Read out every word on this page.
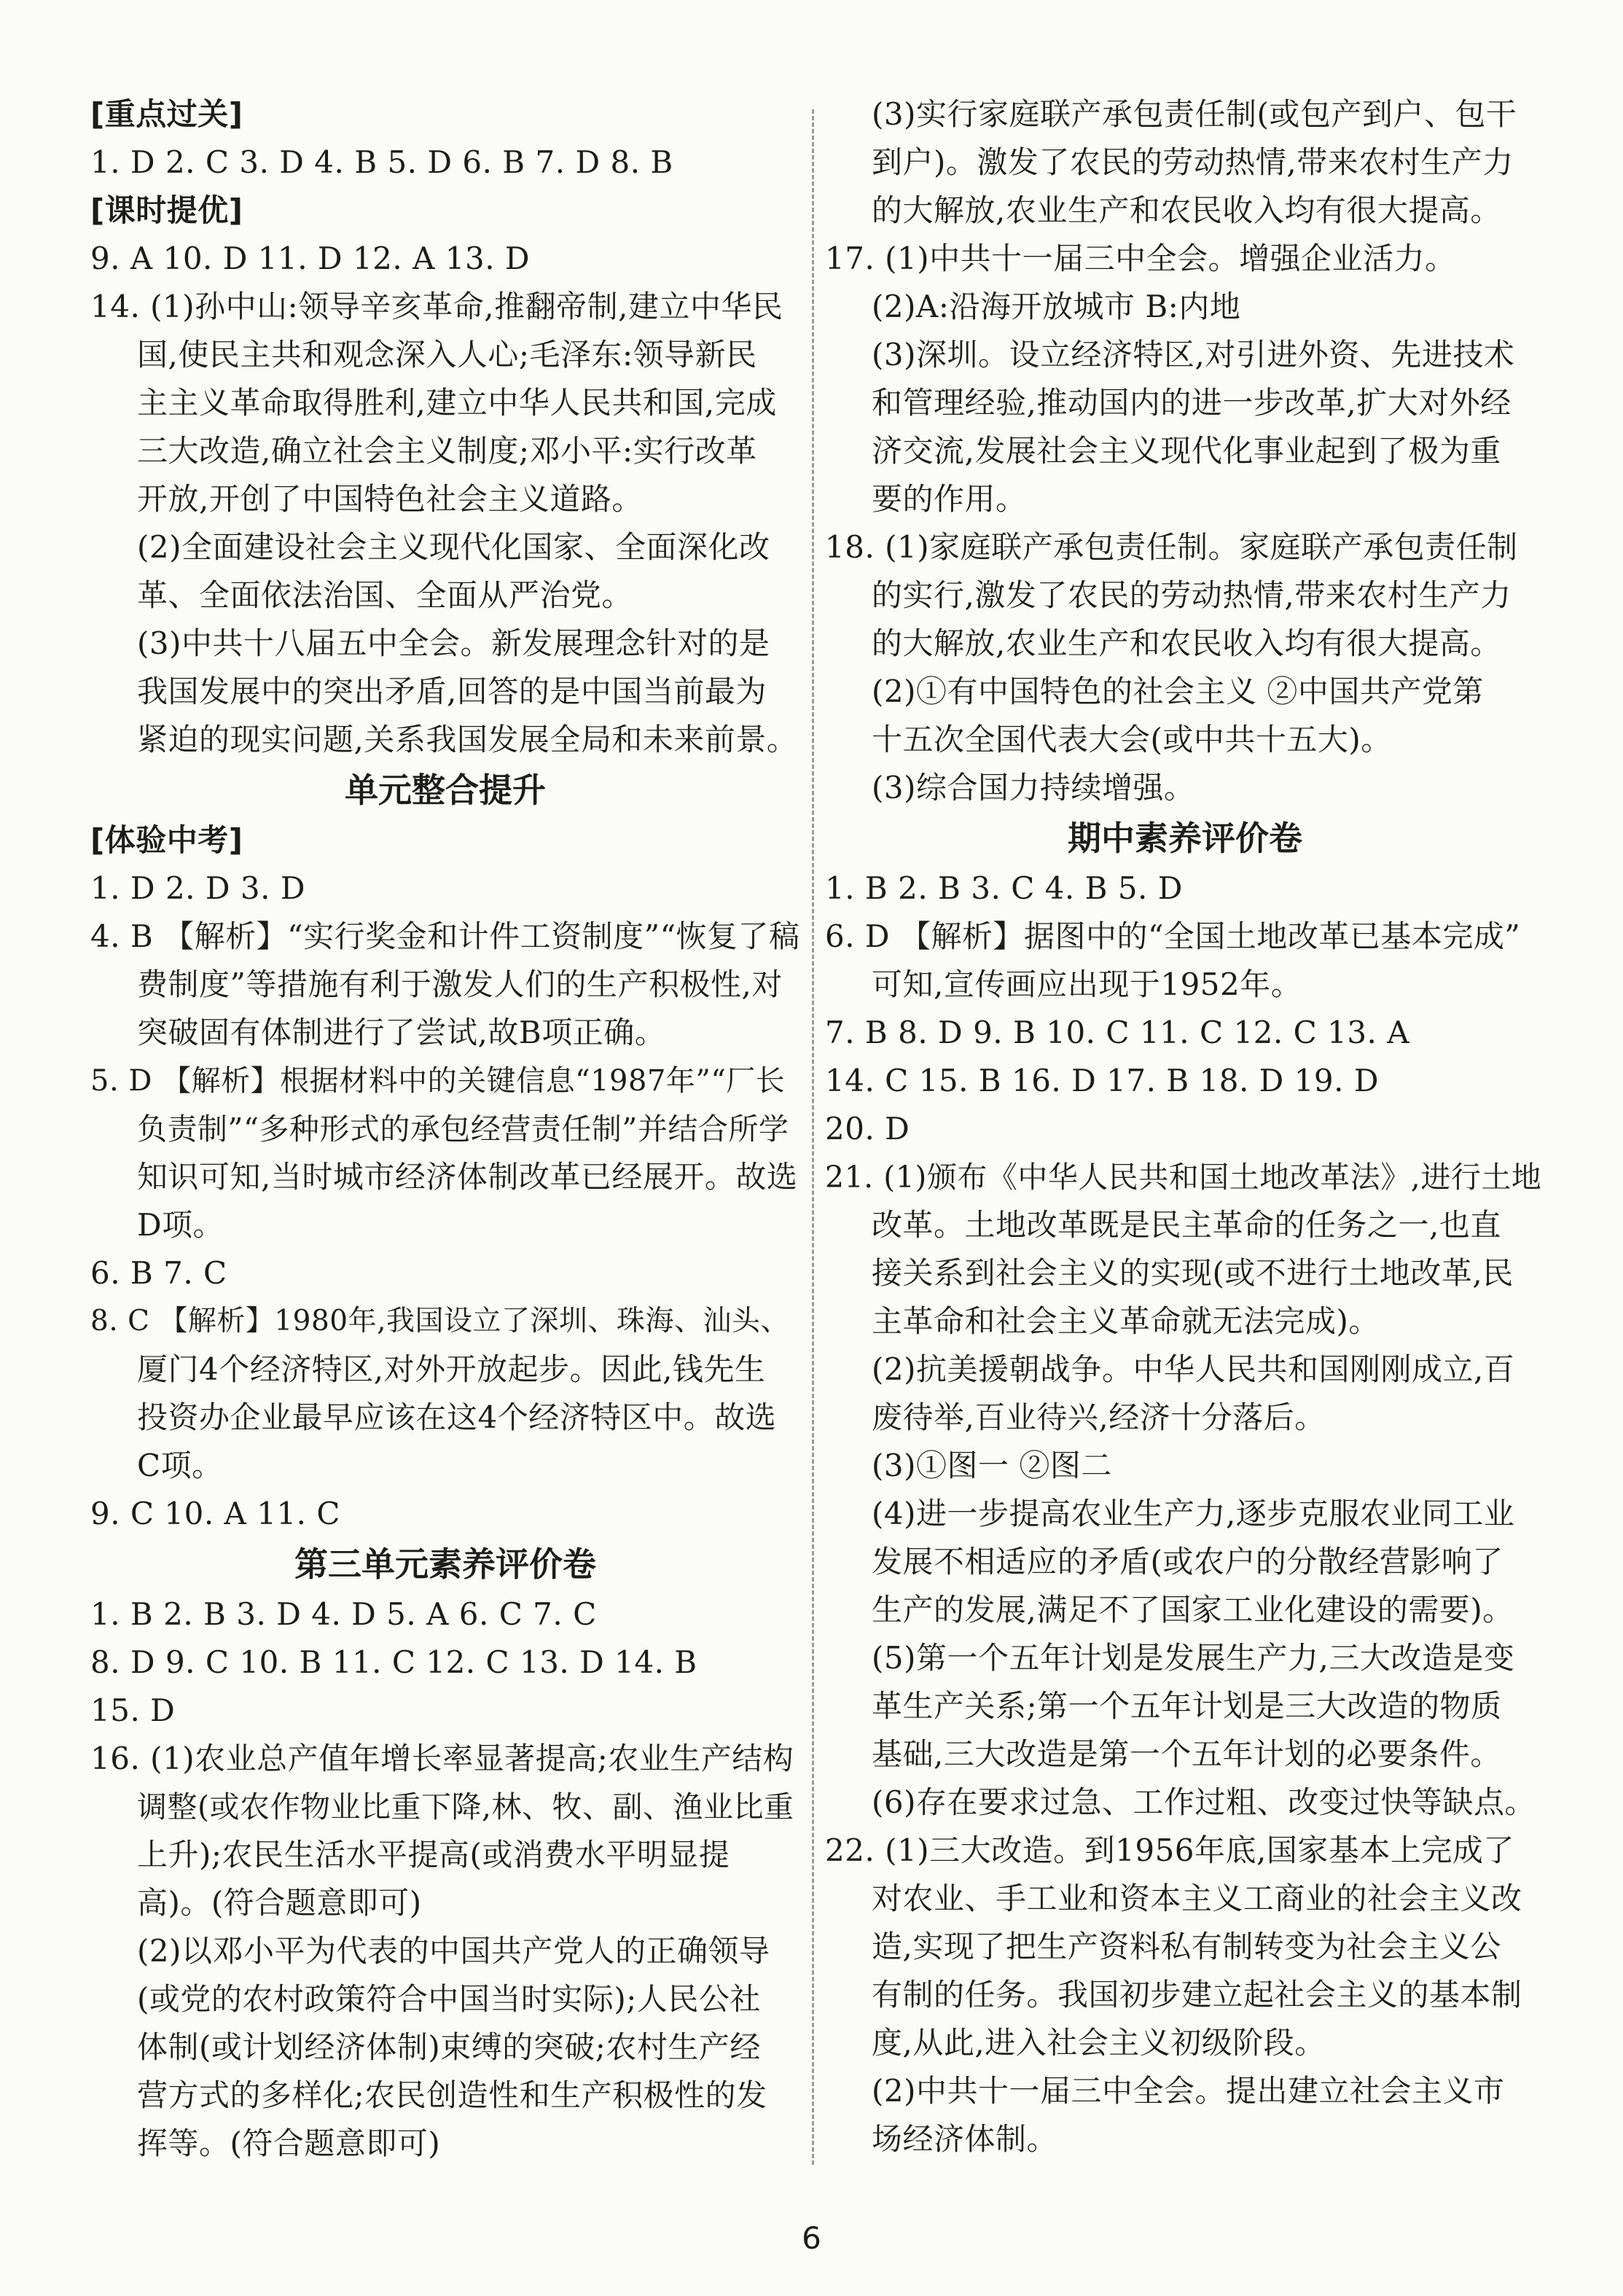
[重点过关]
1. D 2. C 3. D 4. B 5. D 6. B 7. D 8. B
[课时提优]
9. A 10. D 11. D 12. A 13. D
14. (1)孙中山:领导辛亥革命,推翻帝制,建立中华民
国,使民主共和观念深入人心;毛泽东:领导新民
主主义革命取得胜利,建立中华人民共和国,完成
三大改造,确立社会主义制度;邓小平:实行改革
开放,开创了中国特色社会主义道路。
(2)全面建设社会主义现代化国家、全面深化改
革、全面依法治国、全面从严治党。
(3)中共十八届五中全会。新发展理念针对的是
我国发展中的突出矛盾,回答的是中国当前最为
紧迫的现实问题,关系我国发展全局和未来前景。
单元整合提升
[体验中考]
1. D 2. D 3. D
4. B 【解析】“实行奖金和计件工资制度”“恢复了稿
费制度”等措施有利于激发人们的生产积极性,对
突破固有体制进行了尝试,故B项正确。
5. D 【解析】根据材料中的关键信息“1987年”“厂长
负责制”“多种形式的承包经营责任制”并结合所学
知识可知,当时城市经济体制改革已经展开。故选
D项。
6. B 7. C
8. C 【解析】1980年,我国设立了深圳、珠海、汕头、
厦门4个经济特区,对外开放起步。因此,钱先生
投资办企业最早应该在这4个经济特区中。故选
C项。
9. C 10. A 11. C
第三单元素养评价卷
1. B 2. B 3. D 4. D 5. A 6. C 7. C
8. D 9. C 10. B 11. C 12. C 13. D 14. B
15. D
16. (1)农业总产值年增长率显著提高;农业生产结构
调整(或农作物业比重下降,林、牧、副、渔业比重
上升);农民生活水平提高(或消费水平明显提
高)。(符合题意即可)
(2)以邓小平为代表的中国共产党人的正确领导
(或党的农村政策符合中国当时实际);人民公社
体制(或计划经济体制)束缚的突破;农村生产经
营方式的多样化;农民创造性和生产积极性的发
挥等。(符合题意即可)
(3)实行家庭联产承包责任制(或包产到户、包干
到户)。激发了农民的劳动热情,带来农村生产力
的大解放,农业生产和农民收入均有很大提高。
17. (1)中共十一届三中全会。增强企业活力。
(2)A:沿海开放城市 B:内地
(3)深圳。设立经济特区,对引进外资、先进技术
和管理经验,推动国内的进一步改革,扩大对外经
济交流,发展社会主义现代化事业起到了极为重
要的作用。
18. (1)家庭联产承包责任制。家庭联产承包责任制
的实行,激发了农民的劳动热情,带来农村生产力
的大解放,农业生产和农民收入均有很大提高。
(2)①有中国特色的社会主义 ②中国共产党第
十五次全国代表大会(或中共十五大)。
(3)综合国力持续增强。
期中素养评价卷
1. B 2. B 3. C 4. B 5. D
6. D 【解析】据图中的“全国土地改革已基本完成”
可知,宣传画应出现于1952年。
7. B 8. D 9. B 10. C 11. C 12. C 13. A
14. C 15. B 16. D 17. B 18. D 19. D
20. D
21. (1)颁布《中华人民共和国土地改革法》,进行土地
改革。土地改革既是民主革命的任务之一,也直
接关系到社会主义的实现(或不进行土地改革,民
主革命和社会主义革命就无法完成)。
(2)抗美援朝战争。中华人民共和国刚刚成立,百
废待举,百业待兴,经济十分落后。
(3)①图一 ②图二
(4)进一步提高农业生产力,逐步克服农业同工业
发展不相适应的矛盾(或农户的分散经营影响了
生产的发展,满足不了国家工业化建设的需要)。
(5)第一个五年计划是发展生产力,三大改造是变
革生产关系;第一个五年计划是三大改造的物质
基础,三大改造是第一个五年计划的必要条件。
(6)存在要求过急、工作过粗、改变过快等缺点。
22. (1)三大改造。到1956年底,国家基本上完成了
对农业、手工业和资本主义工商业的社会主义改
造,实现了把生产资料私有制转变为社会主义公
有制的任务。我国初步建立起社会主义的基本制
度,从此,进入社会主义初级阶段。
(2)中共十一届三中全会。提出建立社会主义市
场经济体制。
6
